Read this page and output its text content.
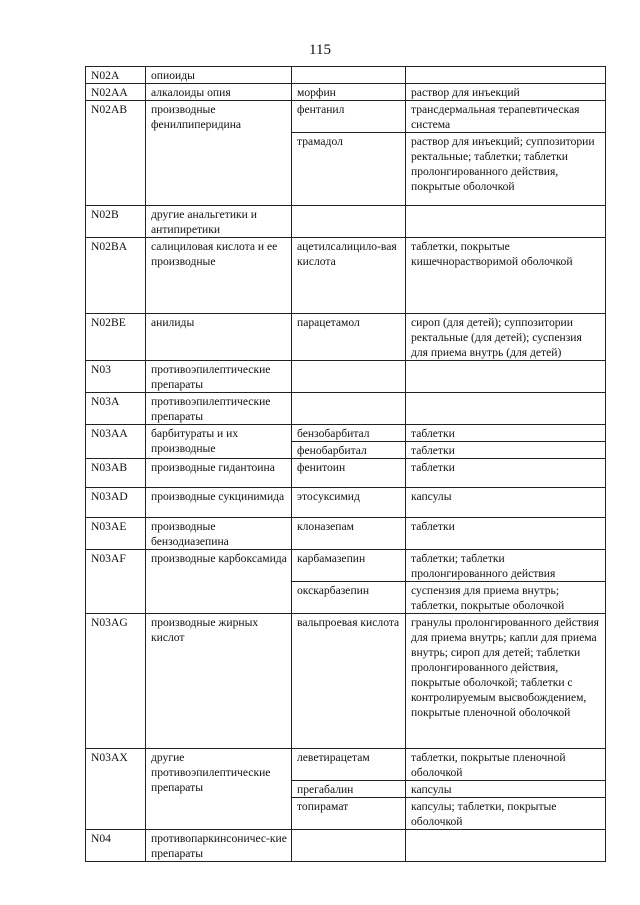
115
N02A	опиоиды		
N02AA	алкалоиды опия	морфин	раствор для инъекций
N02AB	производные фенилпиперидина	фентанил	трансдермальная терапевтическая система
		трамадол	раствор для инъекций; суппозитории ректальные; таблетки; таблетки пролонгированного действия, покрытые оболочкой
N02B	другие анальгетики и антипиретики		
N02BA	салициловая кислота и ее производные	ацетилсалицило-вая кислота	таблетки, покрытые кишечнорастворимой оболочкой
N02BE	анилиды	парацетамол	сироп (для детей); суппозитории ректальные (для детей); суспензия для приема внутрь (для детей)
N03	противоэпилептические препараты		
N03A	противоэпилептические препараты		
N03AA	барбитураты и их производные	бензобарбитал	таблетки
		фенобарбитал	таблетки
N03AB	производные гидантоина	фенитоин	таблетки
N03AD	производные сукцинимида	этосуксимид	капсулы
N03AE	производные бензодиазепина	клоназепам	таблетки
N03AF	производные карбоксамида	карбамазепин	таблетки; таблетки пролонгированного действия
		окскарбазепин	суспензия для приема внутрь; таблетки, покрытые оболочкой
N03AG	производные жирных кислот	вальпроевая кислота	гранулы пролонгированного действия для приема внутрь; капли для приема внутрь; сироп для детей; таблетки пролонгированного действия, покрытые оболочкой; таблетки с контролируемым высвобождением, покрытые пленочной оболочкой
N03AX	другие противоэпилептические препараты	леветирацетам	таблетки, покрытые пленочной оболочкой
		прегабалин	капсулы
		топирамат	капсулы; таблетки, покрытые оболочкой
N04	противопаркинсоничес-кие препараты		
